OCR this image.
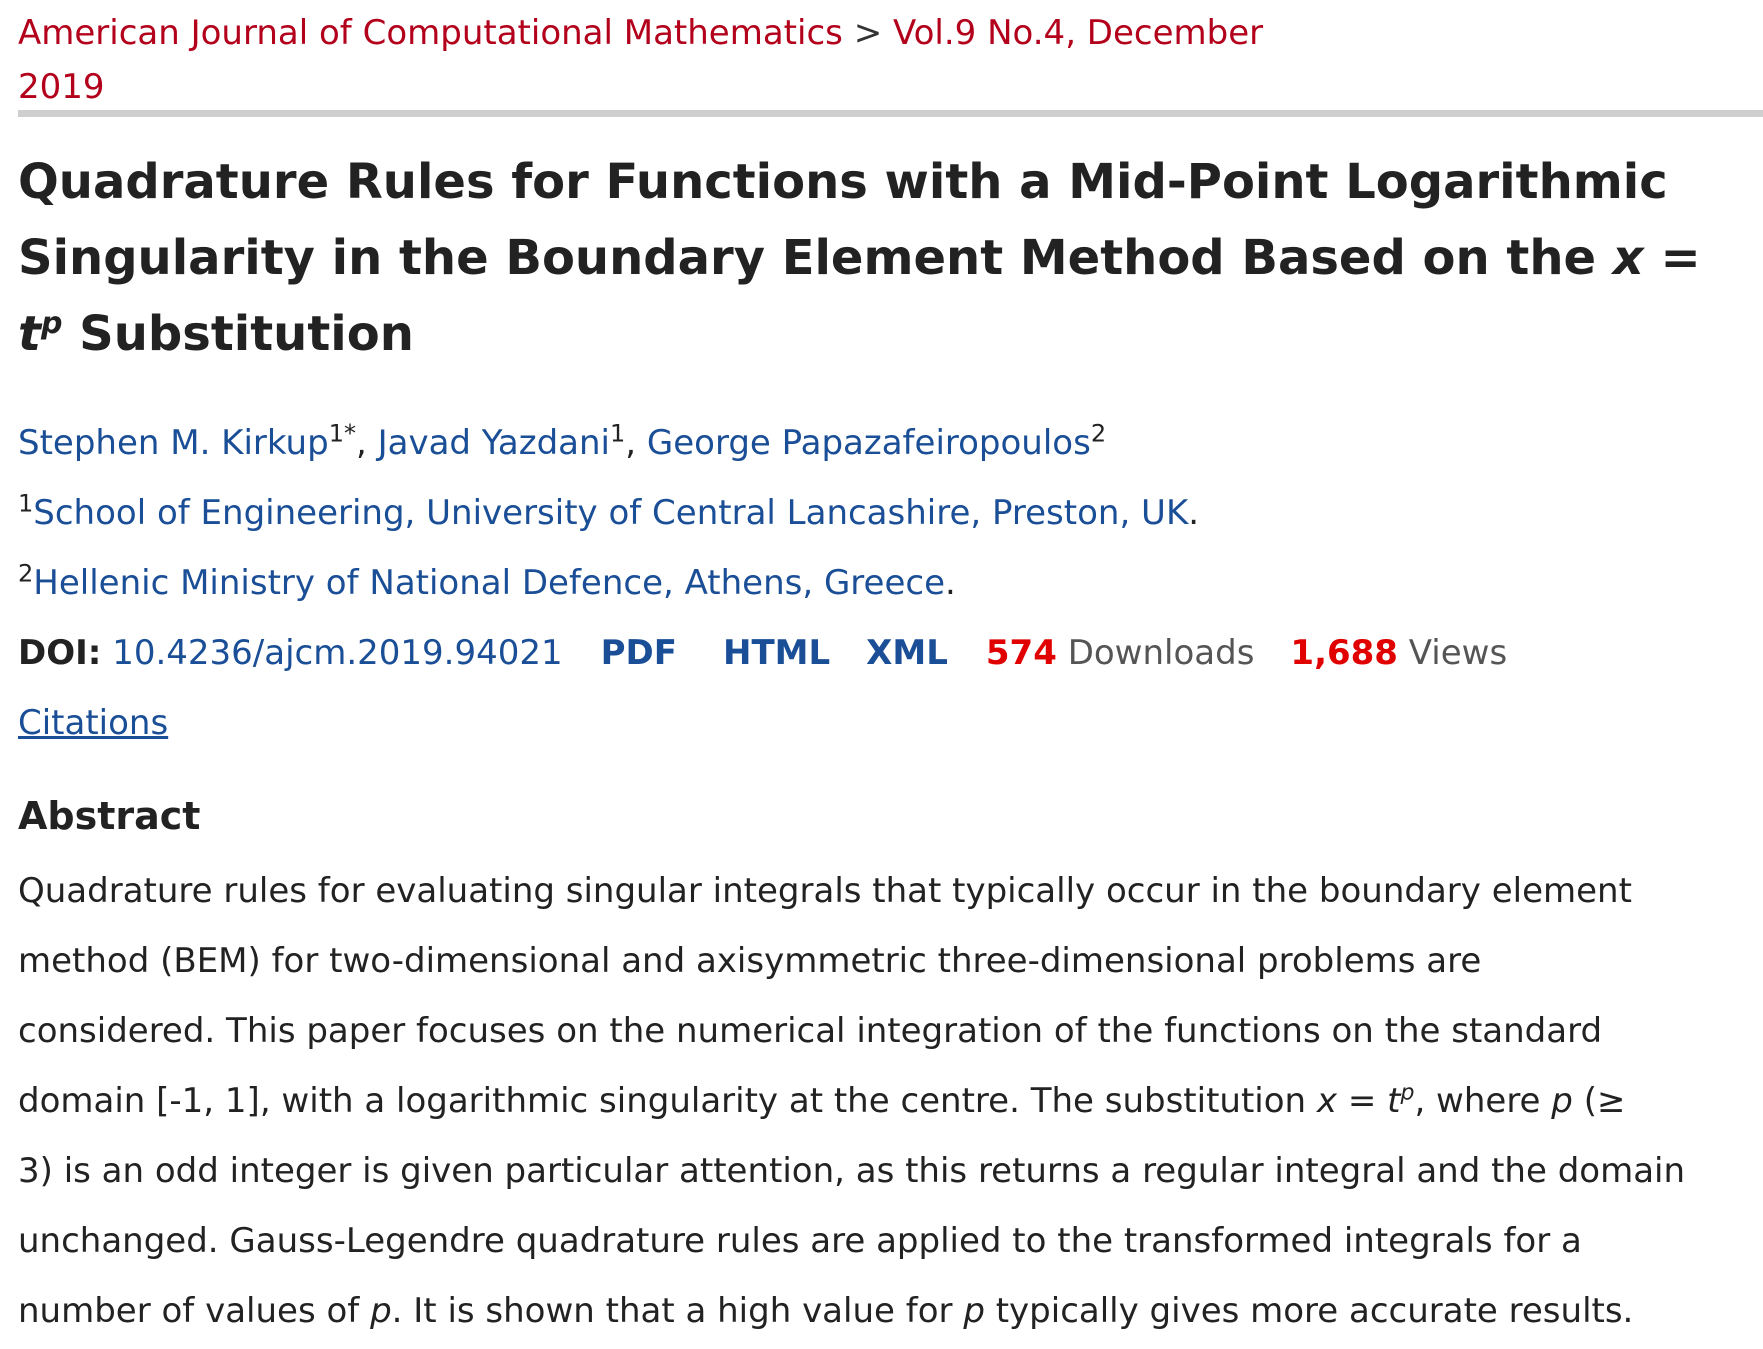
American Journal of Computational Mathematics > Vol.9 No.4, December 2019
Quadrature Rules for Functions with a Mid-Point Logarithmic Singularity in the Boundary Element Method Based on the $x = t^p$ Substitution
Stephen M. Kirkup$^{1*}$, Javad Yazdani$^1$, George Papazafeiropoulos$^2$
$^1$School of Engineering, University of Central Lancashire, Preston, UK.
$^2$Hellenic Ministry of National Defence, Athens, Greece.
DOI: 10.4236/ajcm.2019.94021 PDF HTML XML 574 Downloads 1,688 Views
Citations
Abstract
Quadrature rules for evaluating singular integrals that typically occur in the boundary element
method (BEM) for two-dimensional and axisymmetric three-dimensional problems are
considered. This paper focuses on the numerical integration of the functions on the standard
domain [-1, 1], with a logarithmic singularity at the centre. The substitution $x = t^p$, where p (≥
3) is an odd integer is given particular attention, as this returns a regular integral and the domain
unchanged. Gauss-Legendre quadrature rules are applied to the transformed integrals for a
number of values of p. It is shown that a high value for p typically gives more accurate results.
